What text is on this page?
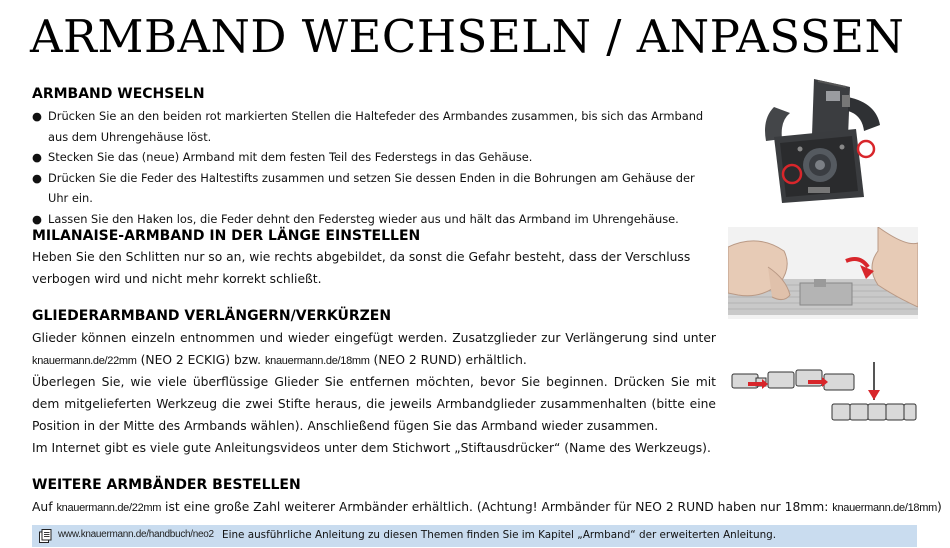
ARMBAND WECHSELN / ANPASSEN
ARMBAND WECHSELN
● Drücken Sie an den beiden rot markierten Stellen die Haltefeder des Armbandes zusammen, bis sich das Armband aus dem Uhrengehäuse löst.
● Stecken Sie das (neue) Armband mit dem festen Teil des Federstegs in das Gehäuse.
● Drücken Sie die Feder des Haltestifts zusammen und setzen Sie dessen Enden in die Bohrungen am Gehäuse der Uhr ein.
● Lassen Sie den Haken los, die Feder dehnt den Federsteg wieder aus und hält das Armband im Uhrengehäuse.
MILANAISE-ARMBAND IN DER LÄNGE EINSTELLEN
Heben Sie den Schlitten nur so an, wie rechts abgebildet, da sonst die Gefahr besteht, dass der Verschluss verbogen wird und nicht mehr korrekt schließt.
GLIEDERARMBAND VERLÄNGERN/VERKÜRZEN
Glieder können einzeln entnommen und wieder eingefügt werden. Zusatzglieder zur Verlängerung sind unter knauermann.de/22mm (NEO 2 ECKIG) bzw. knauermann.de/18mm (NEO 2 RUND) erhältlich.
Überlegen Sie, wie viele überflüssige Glieder Sie entfernen möchten, bevor Sie beginnen. Drücken Sie mit dem mitgelieferten Werkzeug die zwei Stifte heraus, die jeweils Armbandglieder zusammenhalten (bitte eine Position in der Mitte des Armbands wählen). Anschließend fügen Sie das Armband wieder zusammen.
Im Internet gibt es viele gute Anleitungsvideos unter dem Stichwort „Stiftausdrücker“ (Name des Werkzeugs).
WEITERE ARMBÄNDER BESTELLEN
Auf knauermann.de/22mm ist eine große Zahl weiterer Armbänder erhältlich. (Achtung! Armbänder für NEO 2 RUND haben nur 18mm: knauermann.de/18mm)
www.knauermann.de/handbuch/neo2 Eine ausführliche Anleitung zu diesen Themen finden Sie im Kapitel „Armband“ der erweiterten Anleitung.
